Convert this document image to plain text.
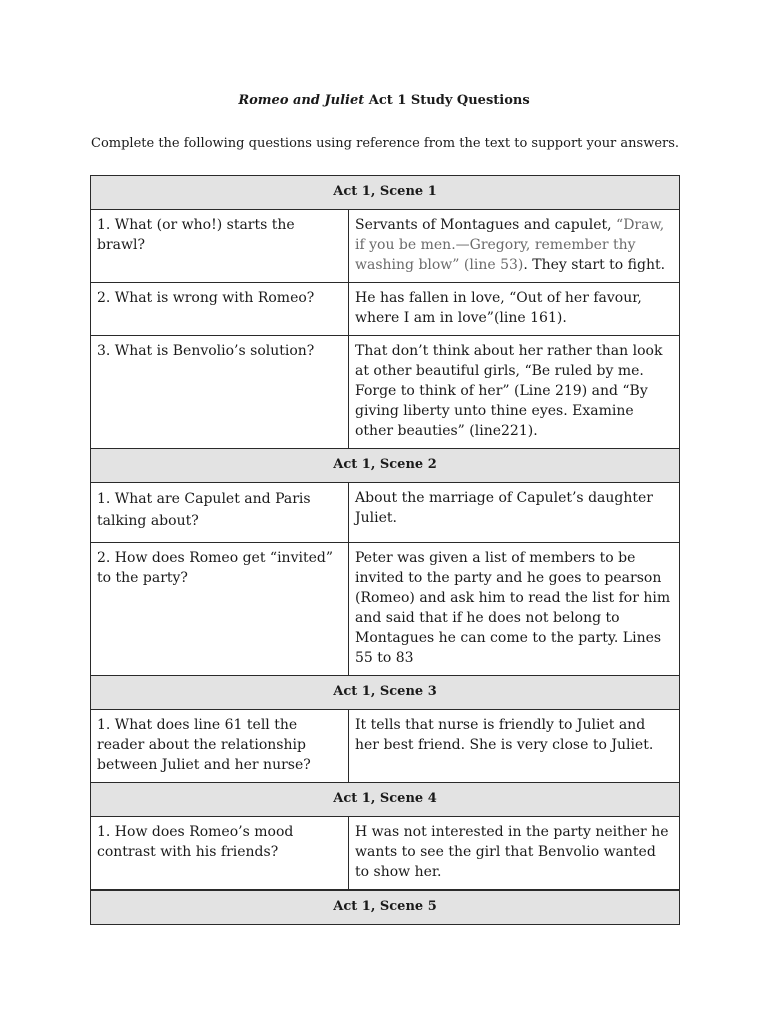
Romeo and Juliet Act 1 Study Questions
Complete the following questions using reference from the text to support your answers.
Act 1, Scene 1	
1. What (or who!) starts the brawl?	Servants of Montagues and capulet, “Draw, if you be men.—Gregory, remember thy washing blow” (line 53). They start to fight.
2. What is wrong with Romeo?	He has fallen in love, “Out of her favour, where I am in love”(line 161).
3. What is Benvolio’s solution?	That don’t think about her rather than look at other beautiful girls, “Be ruled by me. Forge to think of her” (Line 219) and “By giving liberty unto thine eyes. Examine other beauties” (line221).
Act 1, Scene 2	
1. What are Capulet and Paris talking about?	About the marriage of Capulet’s daughter Juliet.
2. How does Romeo get “invited” to the party?	Peter was given a list of members to be invited to the party and he goes to pearson (Romeo) and ask him to read the list for him and said that if he does not belong to Montagues he can come to the party. Lines 55 to 83
Act 1, Scene 3	
1. What does line 61 tell the reader about the relationship between Juliet and her nurse?	It tells that nurse is friendly to Juliet and her best friend. She is very close to Juliet.
Act 1, Scene 4	
1. How does Romeo’s mood contrast with his friends?	H was not interested in the party neither he wants to see the girl that Benvolio wanted to show her.
Act 1, Scene 5	
